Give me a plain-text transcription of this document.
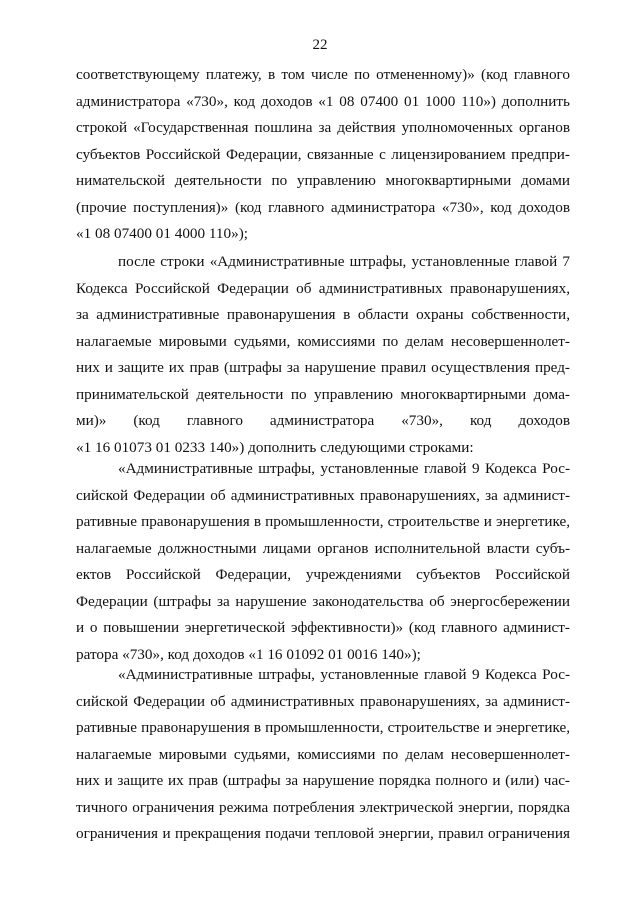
22
соответствующему платежу, в том числе по отмененному)» (код главного
администратора «730», код доходов «1 08 07400 01 1000 110») дополнить
строкой «Государственная пошлина за действия уполномоченных органов
субъектов Российской Федерации, связанные с лицензированием предпри-
нимательской деятельности по управлению многоквартирными домами
(прочие поступления)» (код главного администратора «730», код доходов
«1 08 07400 01 4000 110»);
после строки «Административные штрафы, установленные главой 7
Кодекса Российской Федерации об административных правонарушениях,
за административные правонарушения в области охраны собственности,
налагаемые мировыми судьями, комиссиями по делам несовершеннолет-
них и защите их прав (штрафы за нарушение правил осуществления пред-
принимательской деятельности по управлению многоквартирными дома-
ми)» (код главного администратора «730», код доходов
«1 16 01073 01 0233 140») дополнить следующими строками:
«Административные штрафы, установленные главой 9 Кодекса Рос-
сийской Федерации об административных правонарушениях, за админист-
ративные правонарушения в промышленности, строительстве и энергетике,
налагаемые должностными лицами органов исполнительной власти субъ-
ектов Российской Федерации, учреждениями субъектов Российской
Федерации (штрафы за нарушение законодательства об энергосбережении
и о повышении энергетической эффективности)» (код главного админист-
ратора «730», код доходов «1 16 01092 01 0016 140»);
«Административные штрафы, установленные главой 9 Кодекса Рос-
сийской Федерации об административных правонарушениях, за админист-
ративные правонарушения в промышленности, строительстве и энергетике,
налагаемые мировыми судьями, комиссиями по делам несовершеннолет-
них и защите их прав (штрафы за нарушение порядка полного и (или) час-
тичного ограничения режима потребления электрической энергии, порядка
ограничения и прекращения подачи тепловой энергии, правил ограничения
